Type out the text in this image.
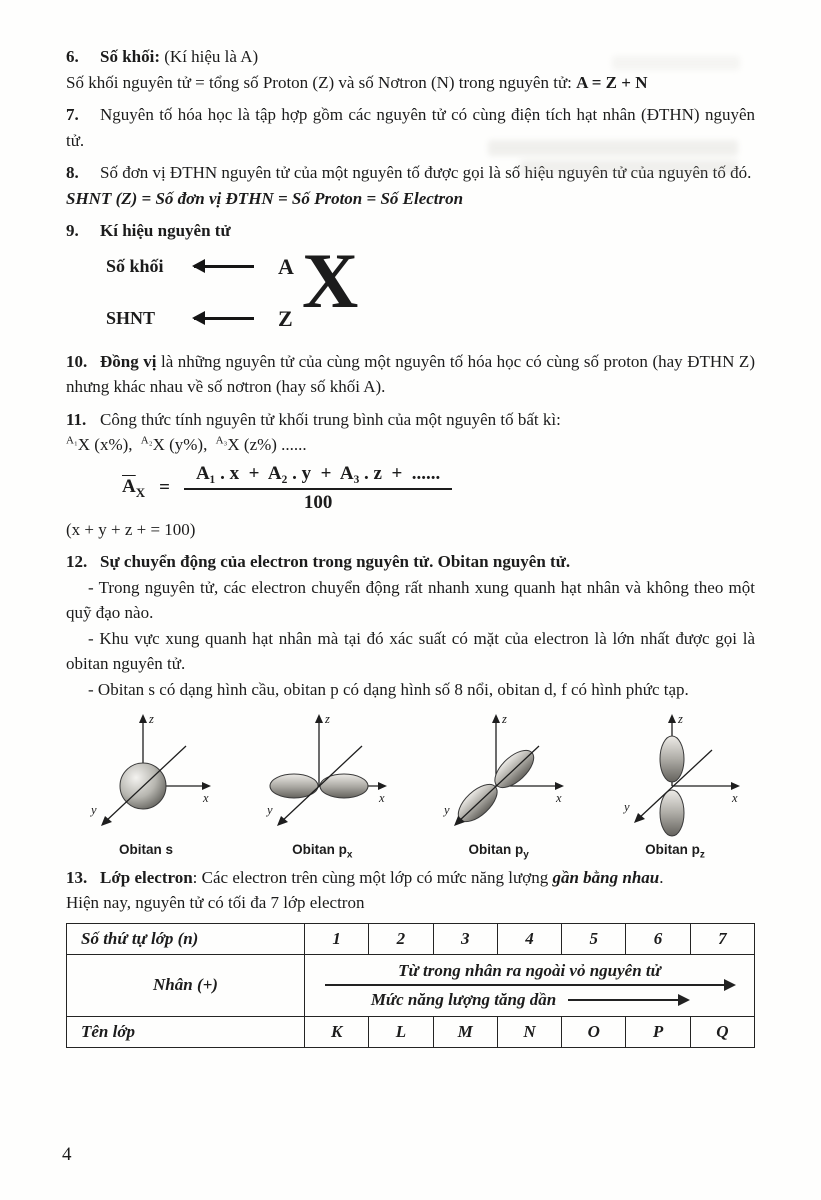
6. Số khối: (Kí hiệu là A)

Số khối nguyên tử = tổng số Proton (Z) và số Nơtron (N) trong nguyên tử: A = Z + N

7. Nguyên tố hóa học là tập hợp gồm các nguyên tử có cùng điện tích hạt nhân (ĐTHN) nguyên tử.

8. Số đơn vị ĐTHN nguyên tử của một nguyên tố được gọi là số hiệu nguyên tử của nguyên tố đó.

SHNT (Z) = Số đơn vị ĐTHN = Số Proton = Số Electron

9. Kí hiệu nguyên tử

Số khối	A
SHNT	Z X

10. Đồng vị là những nguyên tử của cùng một nguyên tố hóa học có cùng số proton (hay ĐTHN Z) nhưng khác nhau về số nơtron (hay số khối A).

11. Công thức tính nguyên tử khối trung bình của một nguyên tố bất kì:

$^{A_1}$X (x%), $^{A_2}$X (y%), $^{A_3}$X (z%) ......

$\overline{A}_X = \frac{\text{A₁ . x  +  A₂ . y  +  A₃ . z  +  ......}}{100}$

(x + y + z + = 100)

12. Sự chuyển động của electron trong nguyên tử. Obitan nguyên tử.

- Trong nguyên tử, các electron chuyển động rất nhanh xung quanh hạt nhân và không theo một quỹ đạo nào.

- Khu vực xung quanh hạt nhân mà tại đó xác suất có mặt của electron là lớn nhất được gọi là obitan nguyên tử.

- Obitan s có dạng hình cầu, obitan p có dạng hình số 8 nổi, obitan d, f có hình phức tạp.

z
x
y
Obitan s
z
x
y
Obitan $p_x$
z
x
y
Obitan $p_y$
z
x
y
Obitan $p_z$

13. Lớp electron: Các electron trên cùng một lớp có mức năng lượng gần bằng nhau.

Hiện nay, nguyên tử có tối đa 7 lớp electron

Số thứ tự lớp (n)	1	2	3	4	5	6	7
Nhân (+)	Từ trong nhân ra ngoài vỏ nguyên tử
Mức năng lượng tăng dần						

Tên lớp	K	L	M	N	O	P	Q
4
